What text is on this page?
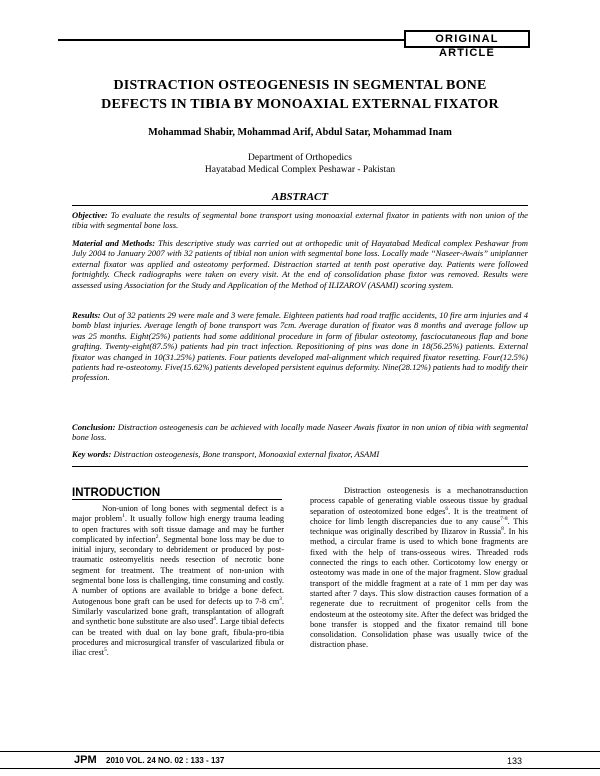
ORIGINAL ARTICLE
DISTRACTION OSTEOGENESIS IN SEGMENTAL BONE
DEFECTS IN TIBIA BY MONOAXIAL EXTERNAL FIXATOR
Mohammad Shabir, Mohammad Arif, Abdul Satar, Mohammad Inam
Department of Orthopedics
Hayatabad Medical Complex Peshawar - Pakistan
ABSTRACT

Objective: To evaluate the results of segmental bone transport using monoaxial external fixator in patients with non union of the tibia with segmental bone loss.

Material and Methods: This descriptive study was carried out at orthopedic unit of Hayatabad Medical complex Peshawar from July 2004 to January 2007 with 32 patients of tibial non union with segmental bone loss. Locally made “Naseer-Awais” uniplanner external fixator was applied and osteotomy performed. Distraction started at tenth post operative day. Patients were followed fortnightly. Check radiographs were taken on every visit. At the end of consolidation phase fixtor was removed. Results were assessed using Association for the Study and Application of the Method of ILIZAROV (ASAMI) scoring system.

Results: Out of 32 patients 29 were male and 3 were female. Eighteen patients had road traffic accidents, 10 fire arm injuries and 4 bomb blast injuries. Average length of bone transport was 7cm. Average duration of fixator was 8 months and average follow up was 25 months. Eight(25%) patients had some additional procedure in form of fibular osteotomy, fasciocutaneous flap and bone grafting. Twenty-eight(87.5%) patients had pin tract infection. Repositioning of pins was done in 18(56.25%) patients. External fixator was changed in 10(31.25%) patients. Four patients developed mal-alignment which required fixator resetting. Four(12.5%) patients had re-osteotomy. Five(15.62%) patients developed persistent equinus deformity. Nine(28.12%) patients had to modify their profession.

Conclusion: Distraction osteogenesis can be achieved with locally made Naseer Awais fixator in non union of tibia with segmental bone loss.

Key words: Distraction osteogenesis, Bone transport, Monoaxial external fixator, ASAMI

INTRODUCTION

Non-union of long bones with segmental defect is a major problem$^1$. It usually follow high energy trauma leading to open fractures with soft tissue damage and may be further complicated by infection$^2$. Segmental bone loss may be due to initial injury, secondary to debridement or produced by post-traumatic osteomyelitis needs resection of necrotic bone segment for treatment. The treatment of non-union with segmental bone loss is challenging, time consuming and costly. A number of options are available to bridge a bone defect. Autogenous bone graft can be used for defects up to 7-8 $cm^3$. Similarly vascularized bone graft, transplantation of allograft and synthetic bone substitute are also used$^4$. Large tibial defects can be treated with dual on lay bone graft, fibula-pro-tibia procedures and microsurgical transfer of vascularized fibula or iliac crest$^5$.

Distraction osteogenesis is a mechanotransduction process capable of generating viable osseous tissue by gradual separation of osteotomized bone edges$^6$. It is the treatment of choice for limb length discrepancies due to any cause$^{7-8}$. This technique was originally described by Ilizarov in Russia$^8$. In his method, a circular frame is used to which bone fragments are fixed with the help of trans-osseous wires. Threaded rods connected the rings to each other. Corticotomy low energy or osteotomy was made in one of the major fragment. Slow gradual transport of the middle fragment at a rate of 1 mm per day was started after 7 days. This slow distraction causes formation of a regenerate due to recruitment of progenitor cells from the endosteum at the osteotomy site. After the defect was bridged the bone transfer is stopped and the fixator remaind till bone consolidation. Consolidation phase was usually twice of the distraction phase.

JPM 2010 VOL. 24 NO. 02 : 133 - 137	133
